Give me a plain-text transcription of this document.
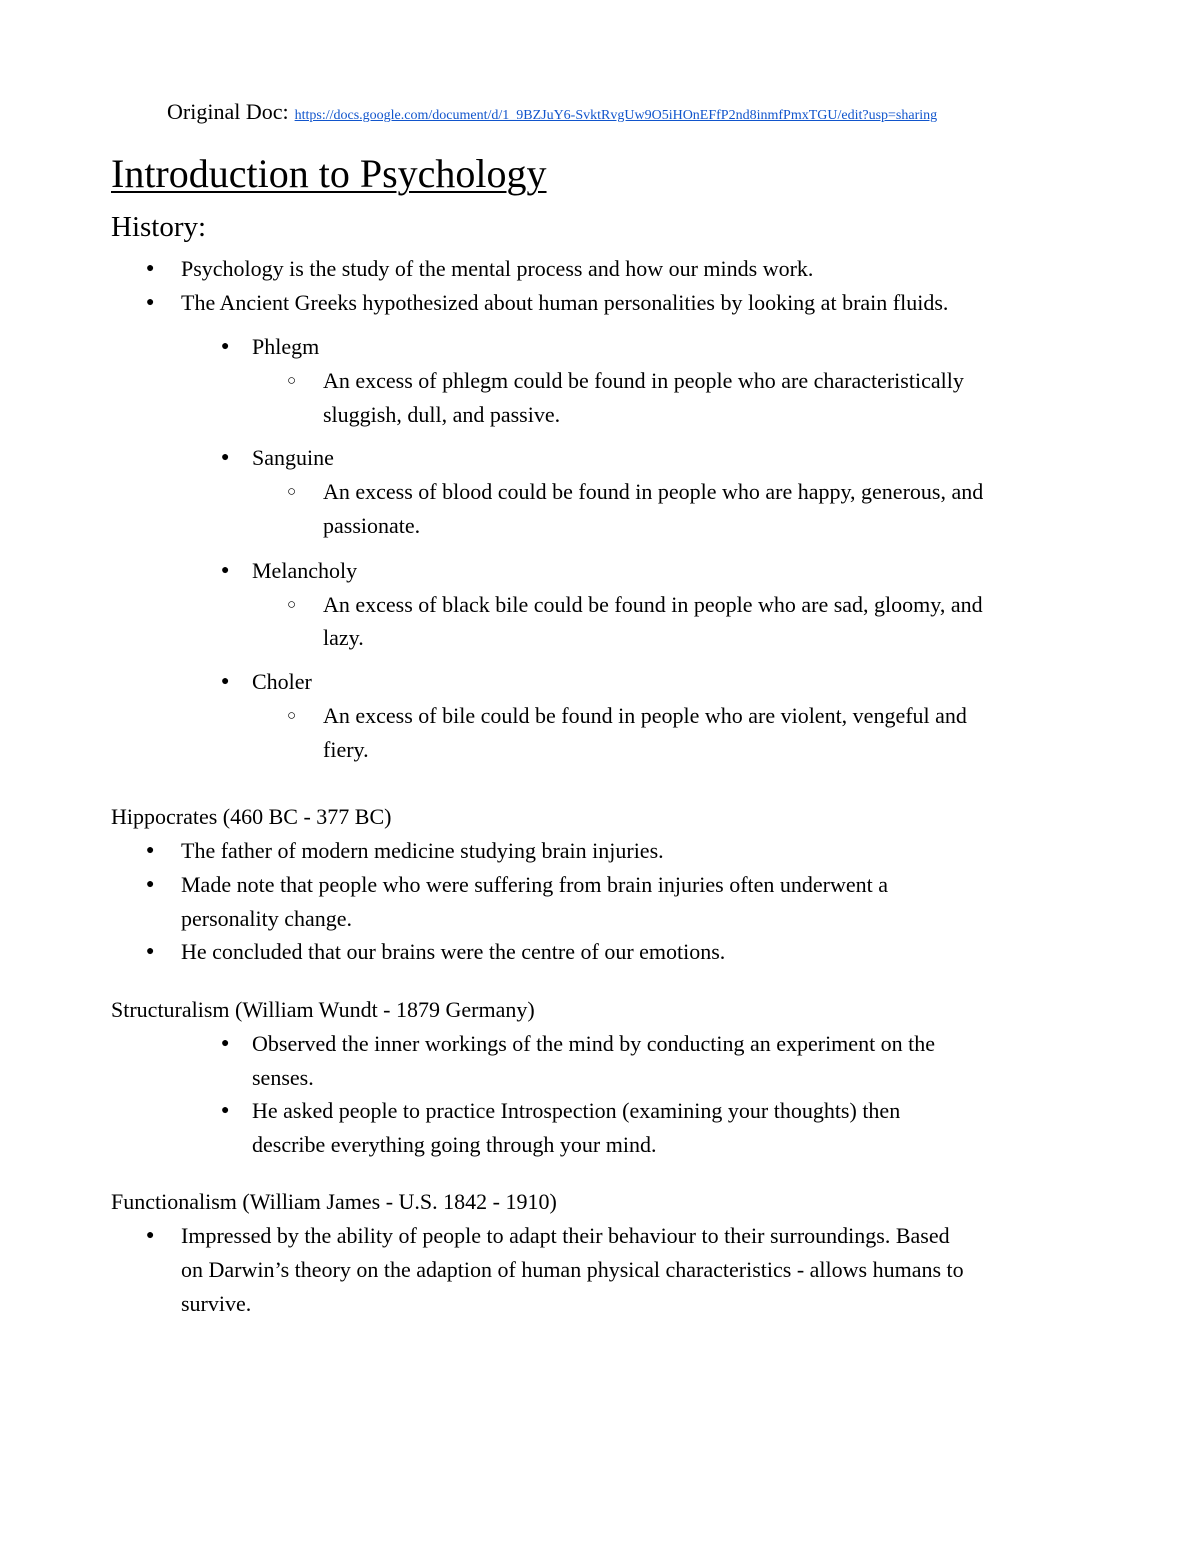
Original Doc: https://docs.google.com/document/d/1_9BZJuY6-SvktRvgUw9O5iHOnEFfP2nd8inmfPmxTGU/edit?usp=sharing
Introduction to Psychology
History:
● Psychology is the study of the mental process and how our minds work.
● The Ancient Greeks hypothesized about human personalities by looking at brain fluids.
● Phlegm
○ An excess of phlegm could be found in people who are characteristically
sluggish, dull, and passive.
● Sanguine
○ An excess of blood could be found in people who are happy, generous, and
passionate.
● Melancholy
○ An excess of black bile could be found in people who are sad, gloomy, and
lazy.
● Choler
○ An excess of bile could be found in people who are violent, vengeful and
fiery.
Hippocrates (460 BC - 377 BC)
● The father of modern medicine studying brain injuries.
● Made note that people who were suffering from brain injuries often underwent a
personality change.
● He concluded that our brains were the centre of our emotions.
Structuralism (William Wundt - 1879 Germany)
● Observed the inner workings of the mind by conducting an experiment on the
senses.
● He asked people to practice Introspection (examining your thoughts) then
describe everything going through your mind.
Functionalism (William James - U.S. 1842 - 1910)
● Impressed by the ability of people to adapt their behaviour to their surroundings. Based
on Darwin’s theory on the adaption of human physical characteristics - allows humans to
survive.
